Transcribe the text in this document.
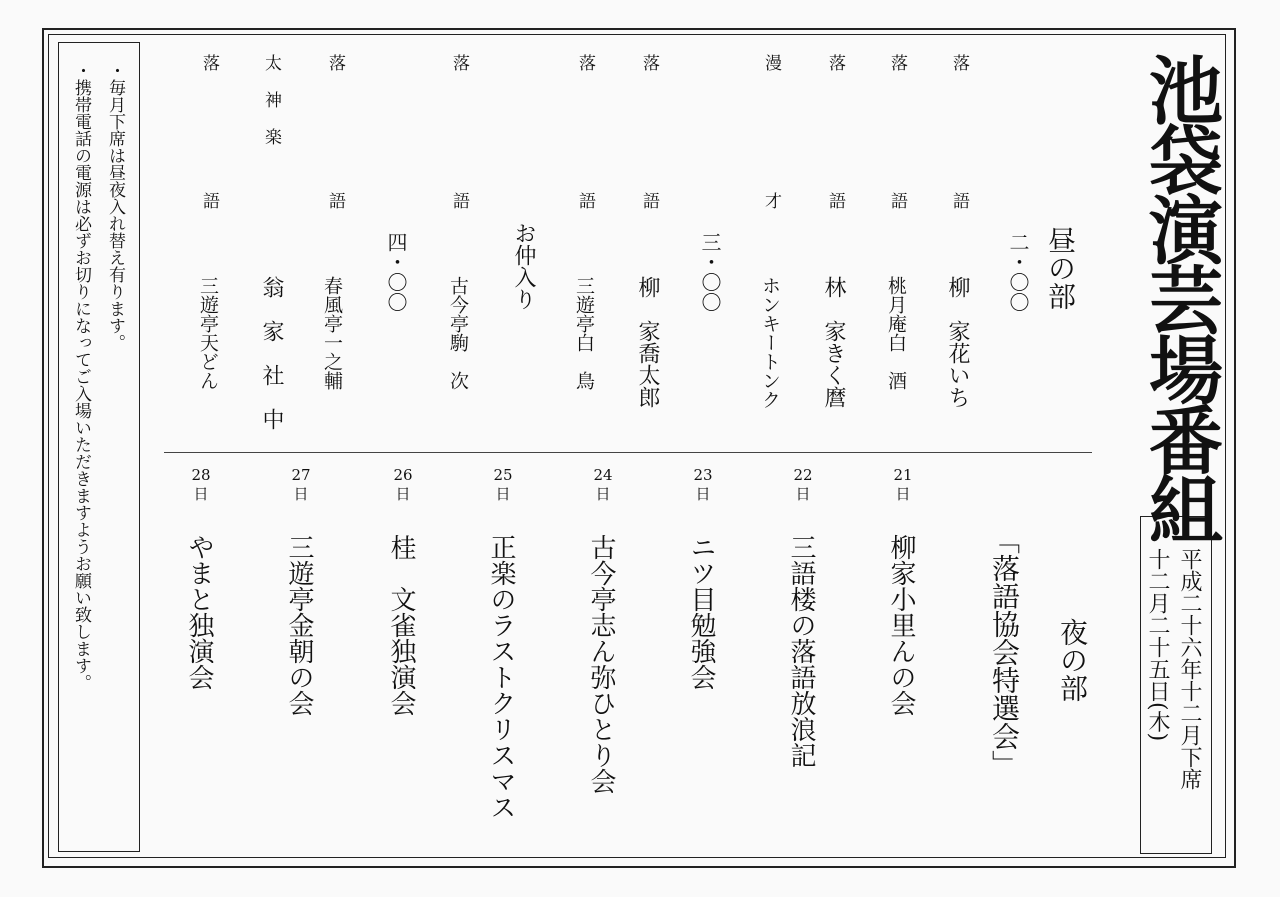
池袋演芸場番組
平成二十六年十二月下席
十二月二十五日(木)
・毎月下席は昼夜入れ替え有ります。
・携帯電話の電源は必ずお切りになってご入場いただきますようお願い致します。	昼の部
二・〇〇
三・〇〇
四・〇〇	お仲入り
落　語
落　語
落　語
漫　才
落　語
落　語
落　語
落　語
太神楽
落　語
柳　家花いち
桃月庵白　酒
林　家きく麿
ホンキートンク
柳　家喬太郎
三遊亭白　鳥
古今亭駒　次
春風亭一之輔
翁　家　社　中
三遊亭天どん
夜の部
「落語協会特選会」
21日
22日
23日
24日
25日
26日
27日
28日
柳家小里んの会
三語楼の落語放浪記
ニツ目勉強会
古今亭志ん弥ひとり会
正楽のラストクリスマス
桂　文雀独演会
三遊亭金朝の会
やまと独演会
